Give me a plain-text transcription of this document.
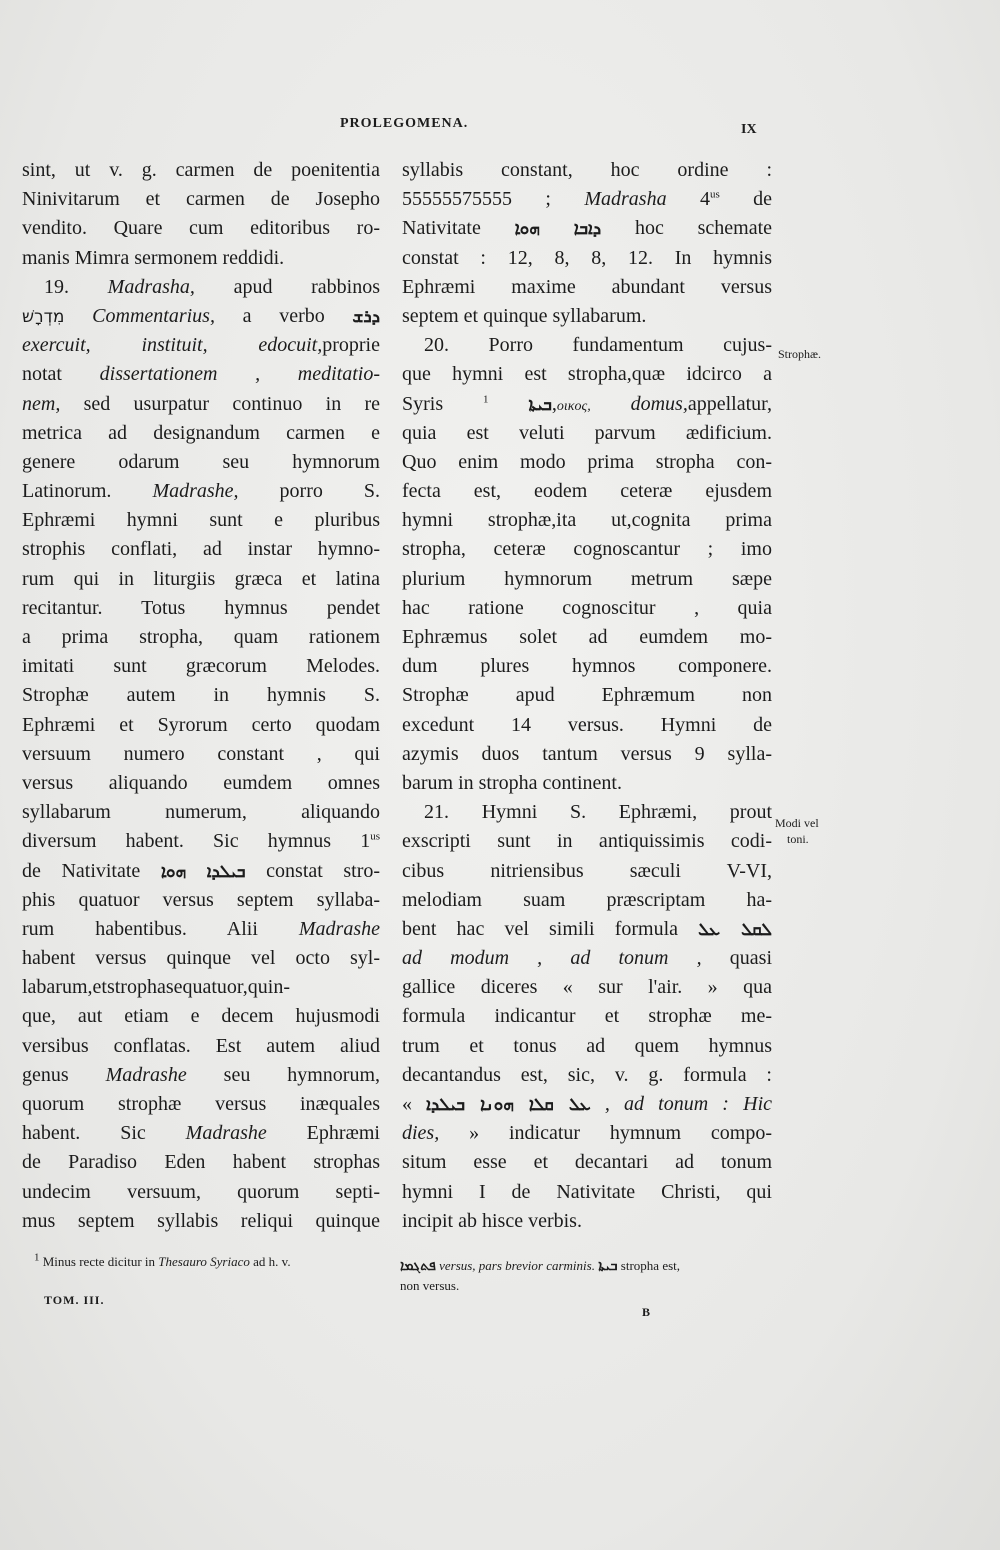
PROLEGOMENA.	IX
sint, ut v. g. carmen de poenitentia
Ninivitarum et carmen de Josepho
vendito. Quare cum editoribus ro-
manis Mimra sermonem reddidi.
19. Madrasha, apud rabbinos
מִדְרָשׁ Commentarius, a verbo ܕܪܫ
exercuit, instituit, edocuit,proprie
notat dissertationem , meditatio-
nem, sed usurpatur continuo in re
metrica ad designandum carmen e
genere odarum seu hymnorum
Latinorum. Madrashe, porro S.
Ephræmi hymni sunt e pluribus
strophis conflati, ad instar hymno-
rum qui in liturgiis græca et latina
recitantur. Totus hymnus pendet
a prima stropha, quam rationem
imitati sunt græcorum Melodes.
Strophæ autem in hymnis S.
Ephræmi et Syrorum certo quodam
versuum numero constant , qui
versus aliquando eumdem omnes
syllabarum numerum, aliquando
diversum habent. Sic hymnus $1^{us}$
de Nativitate	ܒܝܠܕܐ ܗܘܐ	constat stro-
phis quatuor versus septem syllaba-
rum habentibus. Alii Madrashe
habent versus quinque vel octo syl-
labarum,etstrophasequatuor,quin-
que, aut etiam e decem hujusmodi
versibus conflatas. Est autem aliud
genus Madrashe seu hymnorum,
quorum strophæ versus inæquales
habent. Sic Madrashe Ephræmi
de Paradiso Eden habent strophas
undecim versuum, quorum septi-
mus septem syllabis reliqui quinque
syllabis constant, hoc ordine :
55555575555 ; Madrasha $4^{us}$ de
Nativitate	ܕܐܒܐ ܗܘܐ	hoc schemate
constat : 12, 8, 8, 12. In hymnis
Ephræmi maxime abundant versus
septem et quinque syllabarum.
20. Porro fundamentum cujus-
que hymni est stropha,quæ idcirco a
Syris	ܒܝܬܐ $^1$	,οικος, domus,appellatur,
quia est veluti parvum ædificium.
Quo enim modo prima stropha con-
fecta est, eodem ceteræ ejusdem
hymni strophæ,ita ut,cognita prima
stropha, ceteræ cognoscantur ; imo
plurium hymnorum metrum sæpe
hac ratione cognoscitur , quia
Ephræmus solet ad eumdem mo-
dum plures hymnos componere.
Strophæ apud Ephræmum non
excedunt 14 versus. Hymni de
azymis duos tantum versus 9 sylla-
barum in stropha continent.
21. Hymni S. Ephræmi, prout
exscripti sunt in antiquissimis codi-
cibus nitriensibus sæculi V-VI,
melodiam suam præscriptam ha-
bent hac vel simili formula ܠܩܠ ܥܠ
ad modum , ad tonum , quasi
gallice diceres « sur l'air. » qua
formula indicantur et strophæ me-
trum et tonus ad quem hymnus
decantandus est, sic, v. g. formula :
« ܥܠ ܩܠܐ ܗܘܢܐ ܒܝܠܕܐ , ad tonum : Hic
dies, » indicatur hymnum compo-
situm esse et decantari ad tonum
hymni I de Nativitate Christi, qui
incipit ab hisce verbis.
Strophæ.
Modi vel
toni.
$^1$ Minus recte dicitur in Thesauro Syriaco ad h. v.	ܦܬܓܡܐ versus, pars brevior carminis. ܒܝܬܐ stropha est,
non versus.
TOM. III.
B
